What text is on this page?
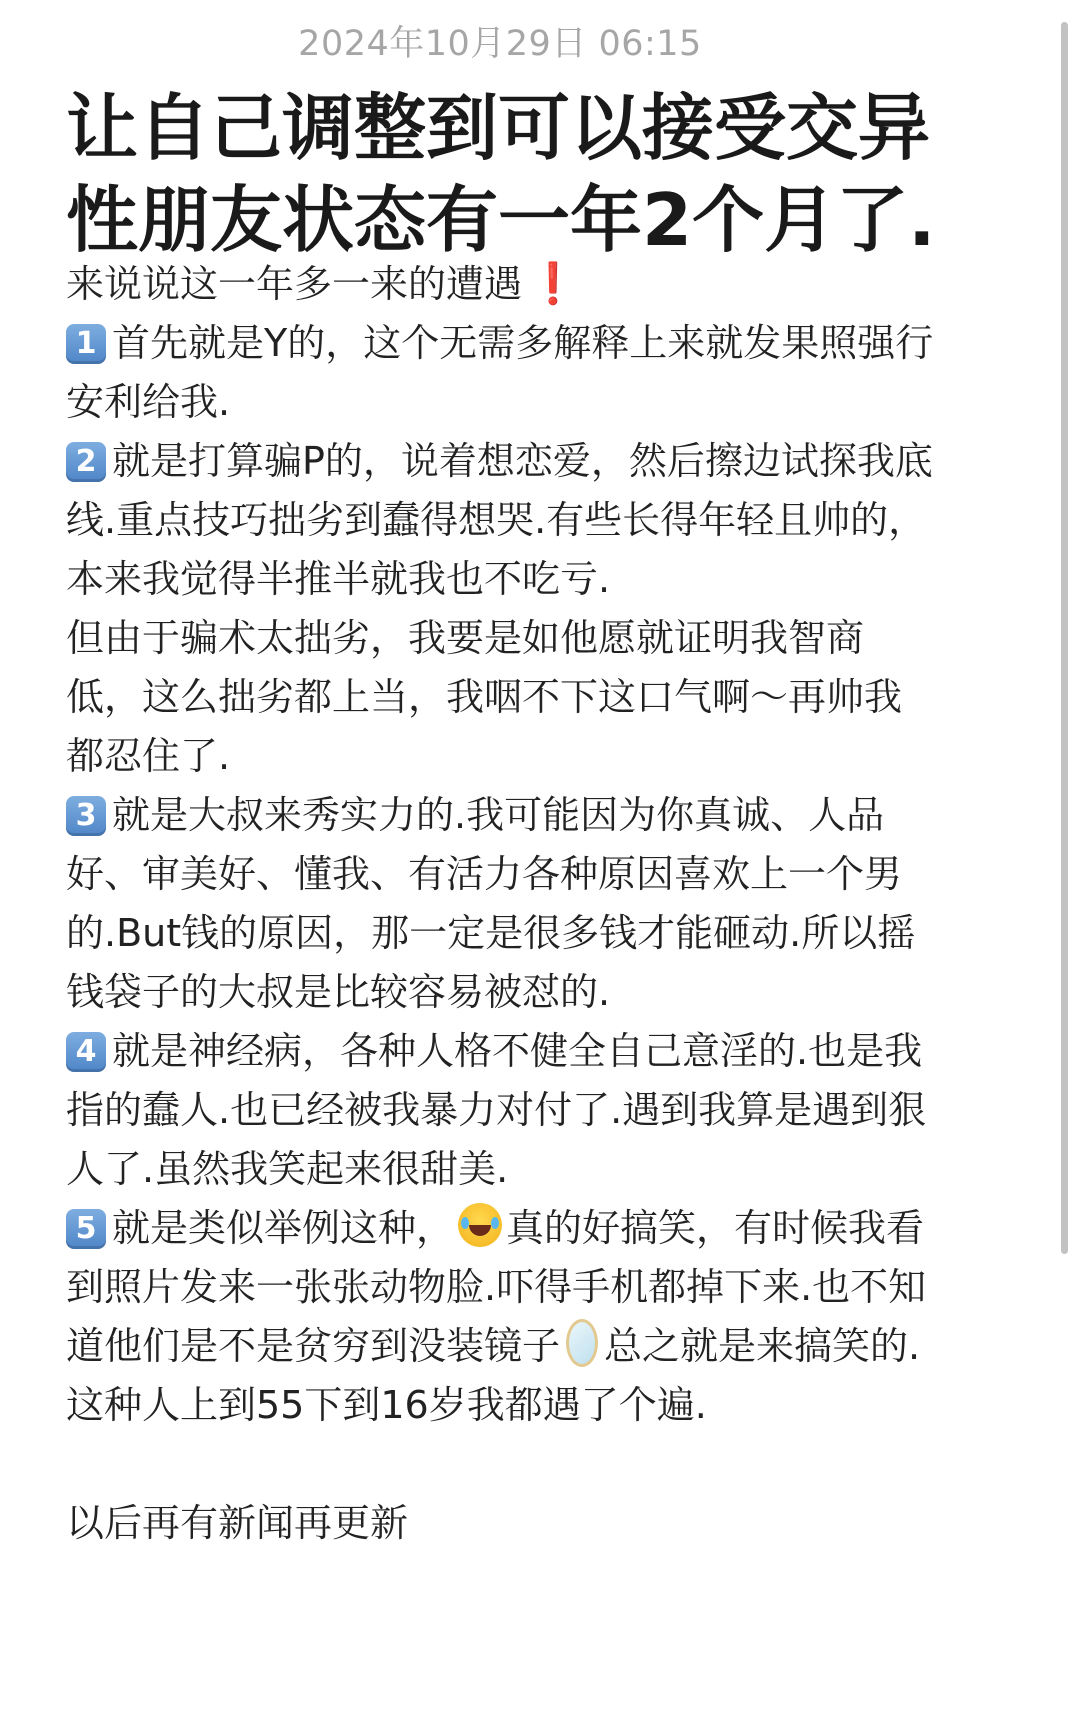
2024年10月29日 06:15
让自己调整到可以接受交异性朋友状态有一年2个月了.

来说说这一年多一来的遭遇 ❗

1 首先就是Y的，这个无需多解释上来就发果照强行安利给我.

2 就是打算骗P的，说着想恋爱，然后擦边试探我底线.重点技巧拙劣到蠢得想哭.有些长得年轻且帅的，本来我觉得半推半就我也不吃亏.

但由于骗术太拙劣，我要是如他愿就证明我智商低，这么拙劣都上当，我咽不下这口气啊～再帅我都忍住了.

3 就是大叔来秀实力的.我可能因为你真诚、人品好、审美好、懂我、有活力各种原因喜欢上一个男的.But钱的原因，那一定是很多钱才能砸动.所以摇钱袋子的大叔是比较容易被怼的.

4 就是神经病，各种人格不健全自己意淫的.也是我指的蠢人.也已经被我暴力对付了.遇到我算是遇到狠人了.虽然我笑起来很甜美.

5 就是类似举例这种， 真的好搞笑，有时候我看到照片发来一张张动物脸.吓得手机都掉下来.也不知道他们是不是贫穷到没装镜子 总之就是来搞笑的.这种人上到55下到16岁我都遇了个遍.

以后再有新闻再更新
